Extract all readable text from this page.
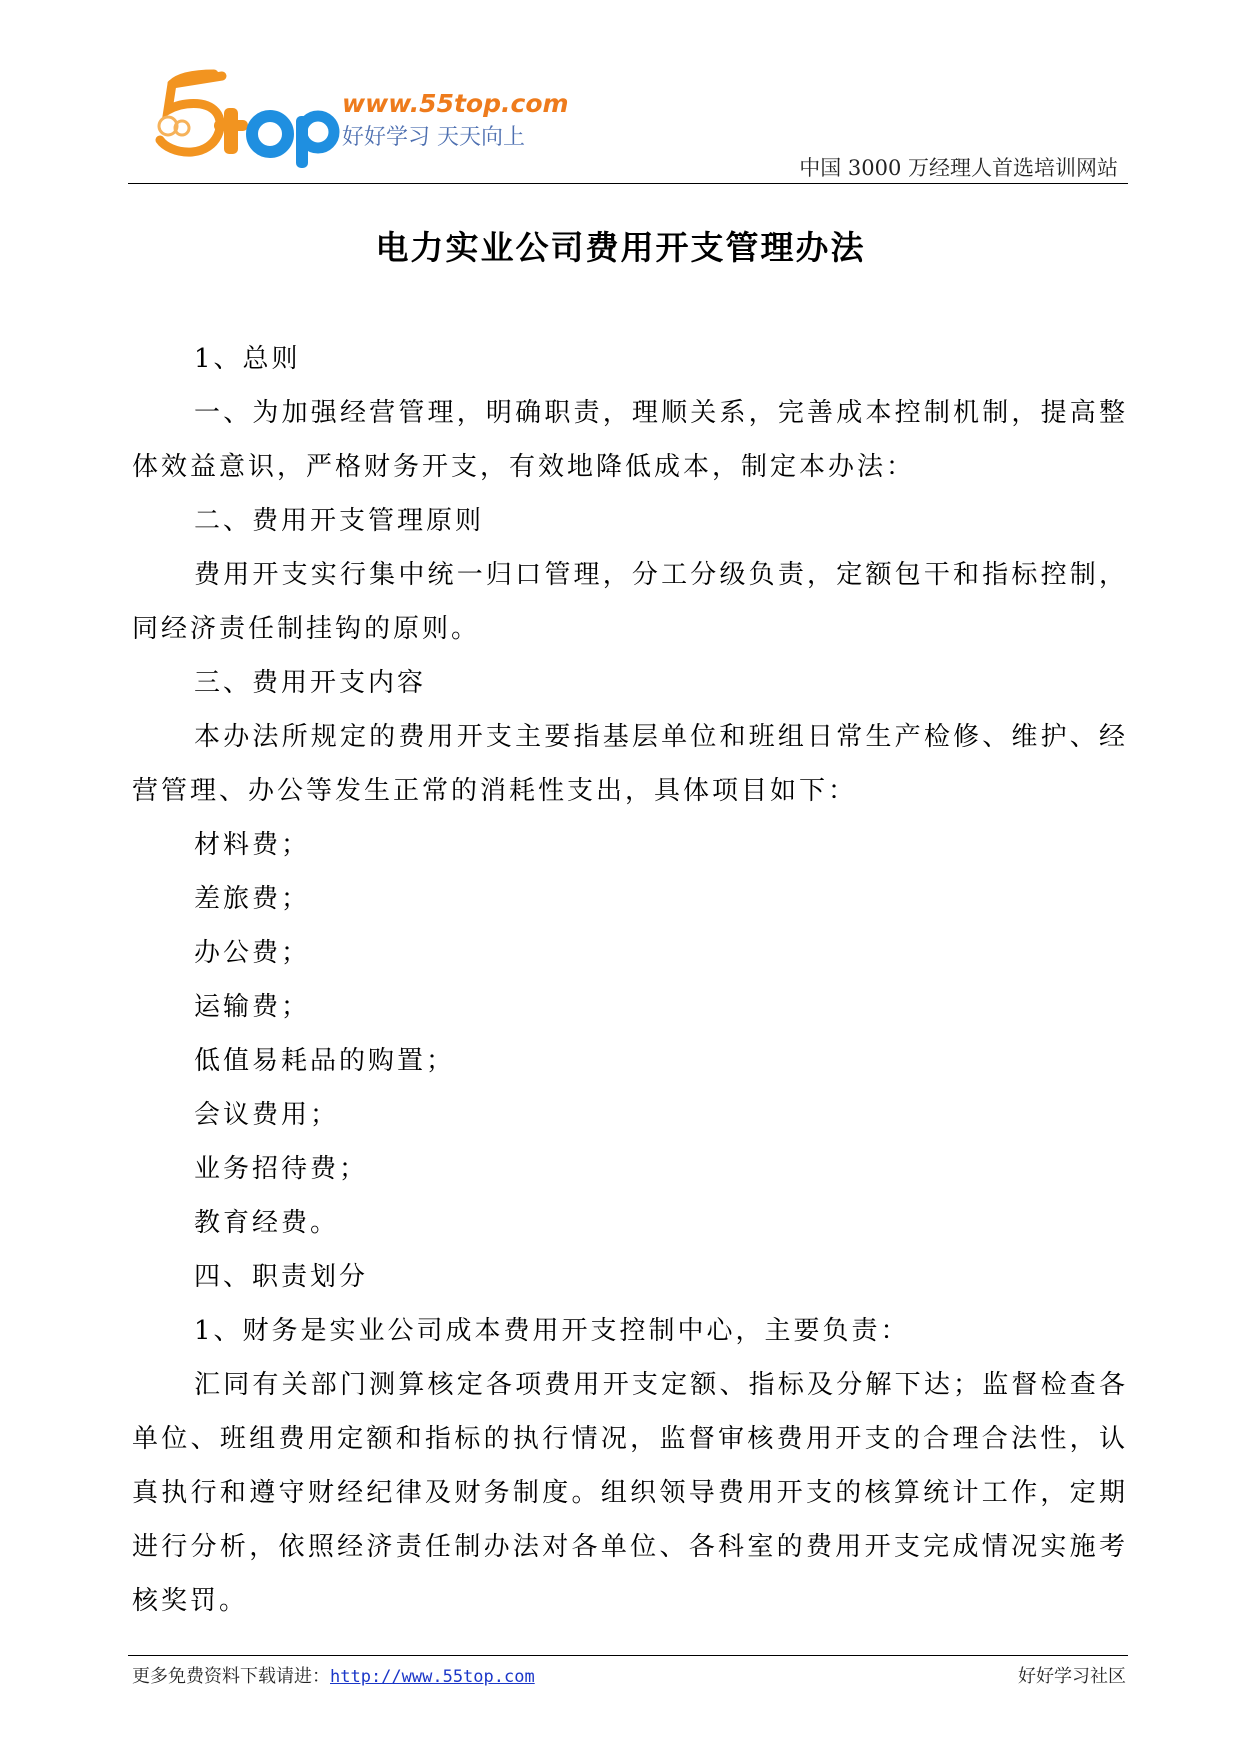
www.55top.com
好好学习 天天向上
中国 3000 万经理人首选培训网站
电力实业公司费用开支管理办法

1、总则

一、为加强经营管理，明确职责，理顺关系，完善成本控制机制，提高整体效益意识，严格财务开支，有效地降低成本，制定本办法：

二、费用开支管理原则

费用开支实行集中统一归口管理，分工分级负责，定额包干和指标控制，同经济责任制挂钩的原则。

三、费用开支内容

本办法所规定的费用开支主要指基层单位和班组日常生产检修、维护、经营管理、办公等发生正常的消耗性支出，具体项目如下：

材料费；

差旅费；

办公费；

运输费；

低值易耗品的购置；

会议费用；

业务招待费；

教育经费。

四、职责划分

1、财务是实业公司成本费用开支控制中心，主要负责：

汇同有关部门测算核定各项费用开支定额、指标及分解下达；监督检查各单位、班组费用定额和指标的执行情况，监督审核费用开支的合理合法性，认真执行和遵守财经纪律及财务制度。组织领导费用开支的核算统计工作，定期进行分析，依照经济责任制办法对各单位、各科室的费用开支完成情况实施考核奖罚。

更多免费资料下载请进：http://www.55top.com	好好学习社区
